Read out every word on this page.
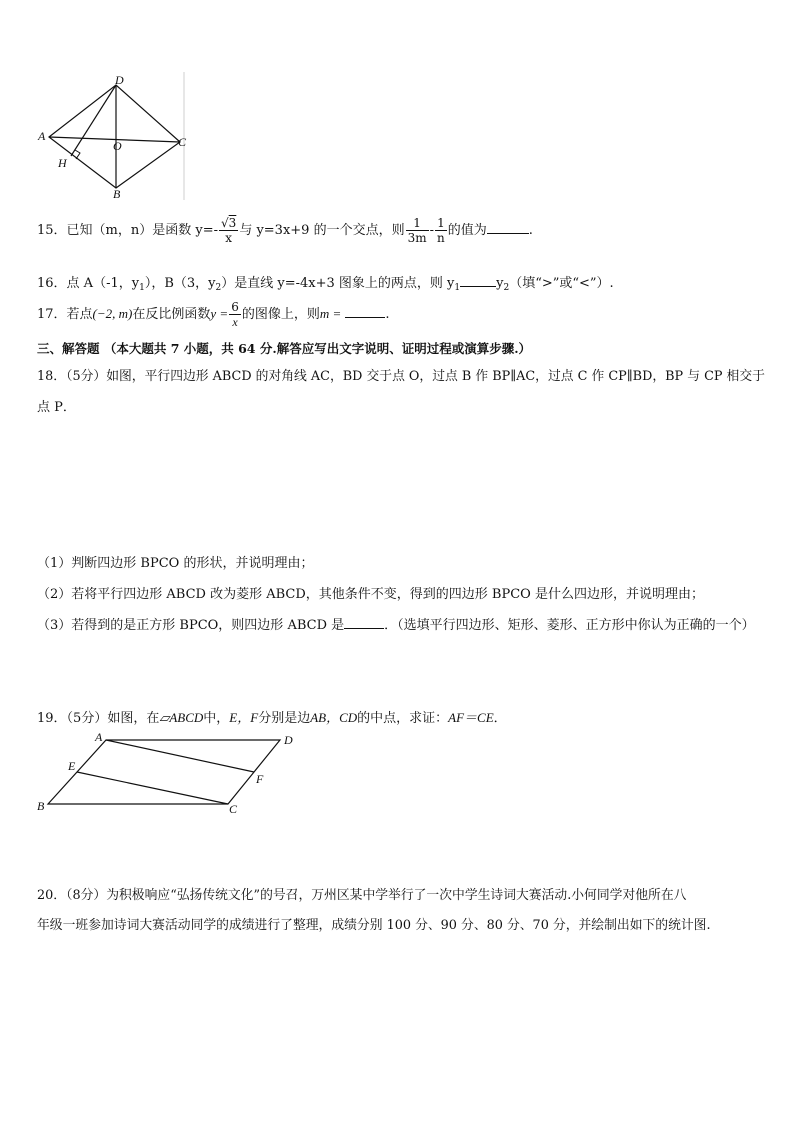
D
A	C
B
O
H
15．已知（m，n）是函数 $y=- \frac{√3}{x}$ 与 y=3x+9 的一个交点，则 $\frac{1}{3m} - \frac{1}{n}$ 的值为	.
16．点 A（-1，$y_1$），B（3，$y_2$）是直线 y=-4x+3 图象上的两点，则 $y_1$	$y_2$（填“>”或“<”）.
17．若点(−2, m)在反比例函数$y = \frac{6}{x}$ 的图像上，则m =	.
三、解答题 （本大题共 7 小题，共 64 分.解答应写出文字说明、证明过程或演算步骤.）
18．（5分）如图，平行四边形 ABCD 的对角线 AC，BD 交于点 O，过点 B 作 BP∥AC，过点 C 作 CP∥BD，BP 与 CP 相交于
点 P．
（1）判断四边形 BPCO 的形状，并说明理由；
（2）若将平行四边形 ABCD 改为菱形 ABCD，其他条件不变，得到的四边形 BPCO 是什么四边形，并说明理由；
（3）若得到的是正方形 BPCO，则四边形 ABCD 是	．（选填平行四边形、矩形、菱形、正方形中你认为正确的一个）
19．（5分）如图，在▱ABCD中，E，F分别是边AB，CD的中点，求证：AF＝CE．
A	D
E
F
B	C
20．（8分）为积极响应“弘扬传统文化”的号召，万州区某中学举行了一次中学生诗词大赛活动.小何同学对他所在八
年级一班参加诗词大赛活动同学的成绩进行了整理，成绩分别 100 分、90 分、80 分、70 分，并绘制出如下的统计图.
